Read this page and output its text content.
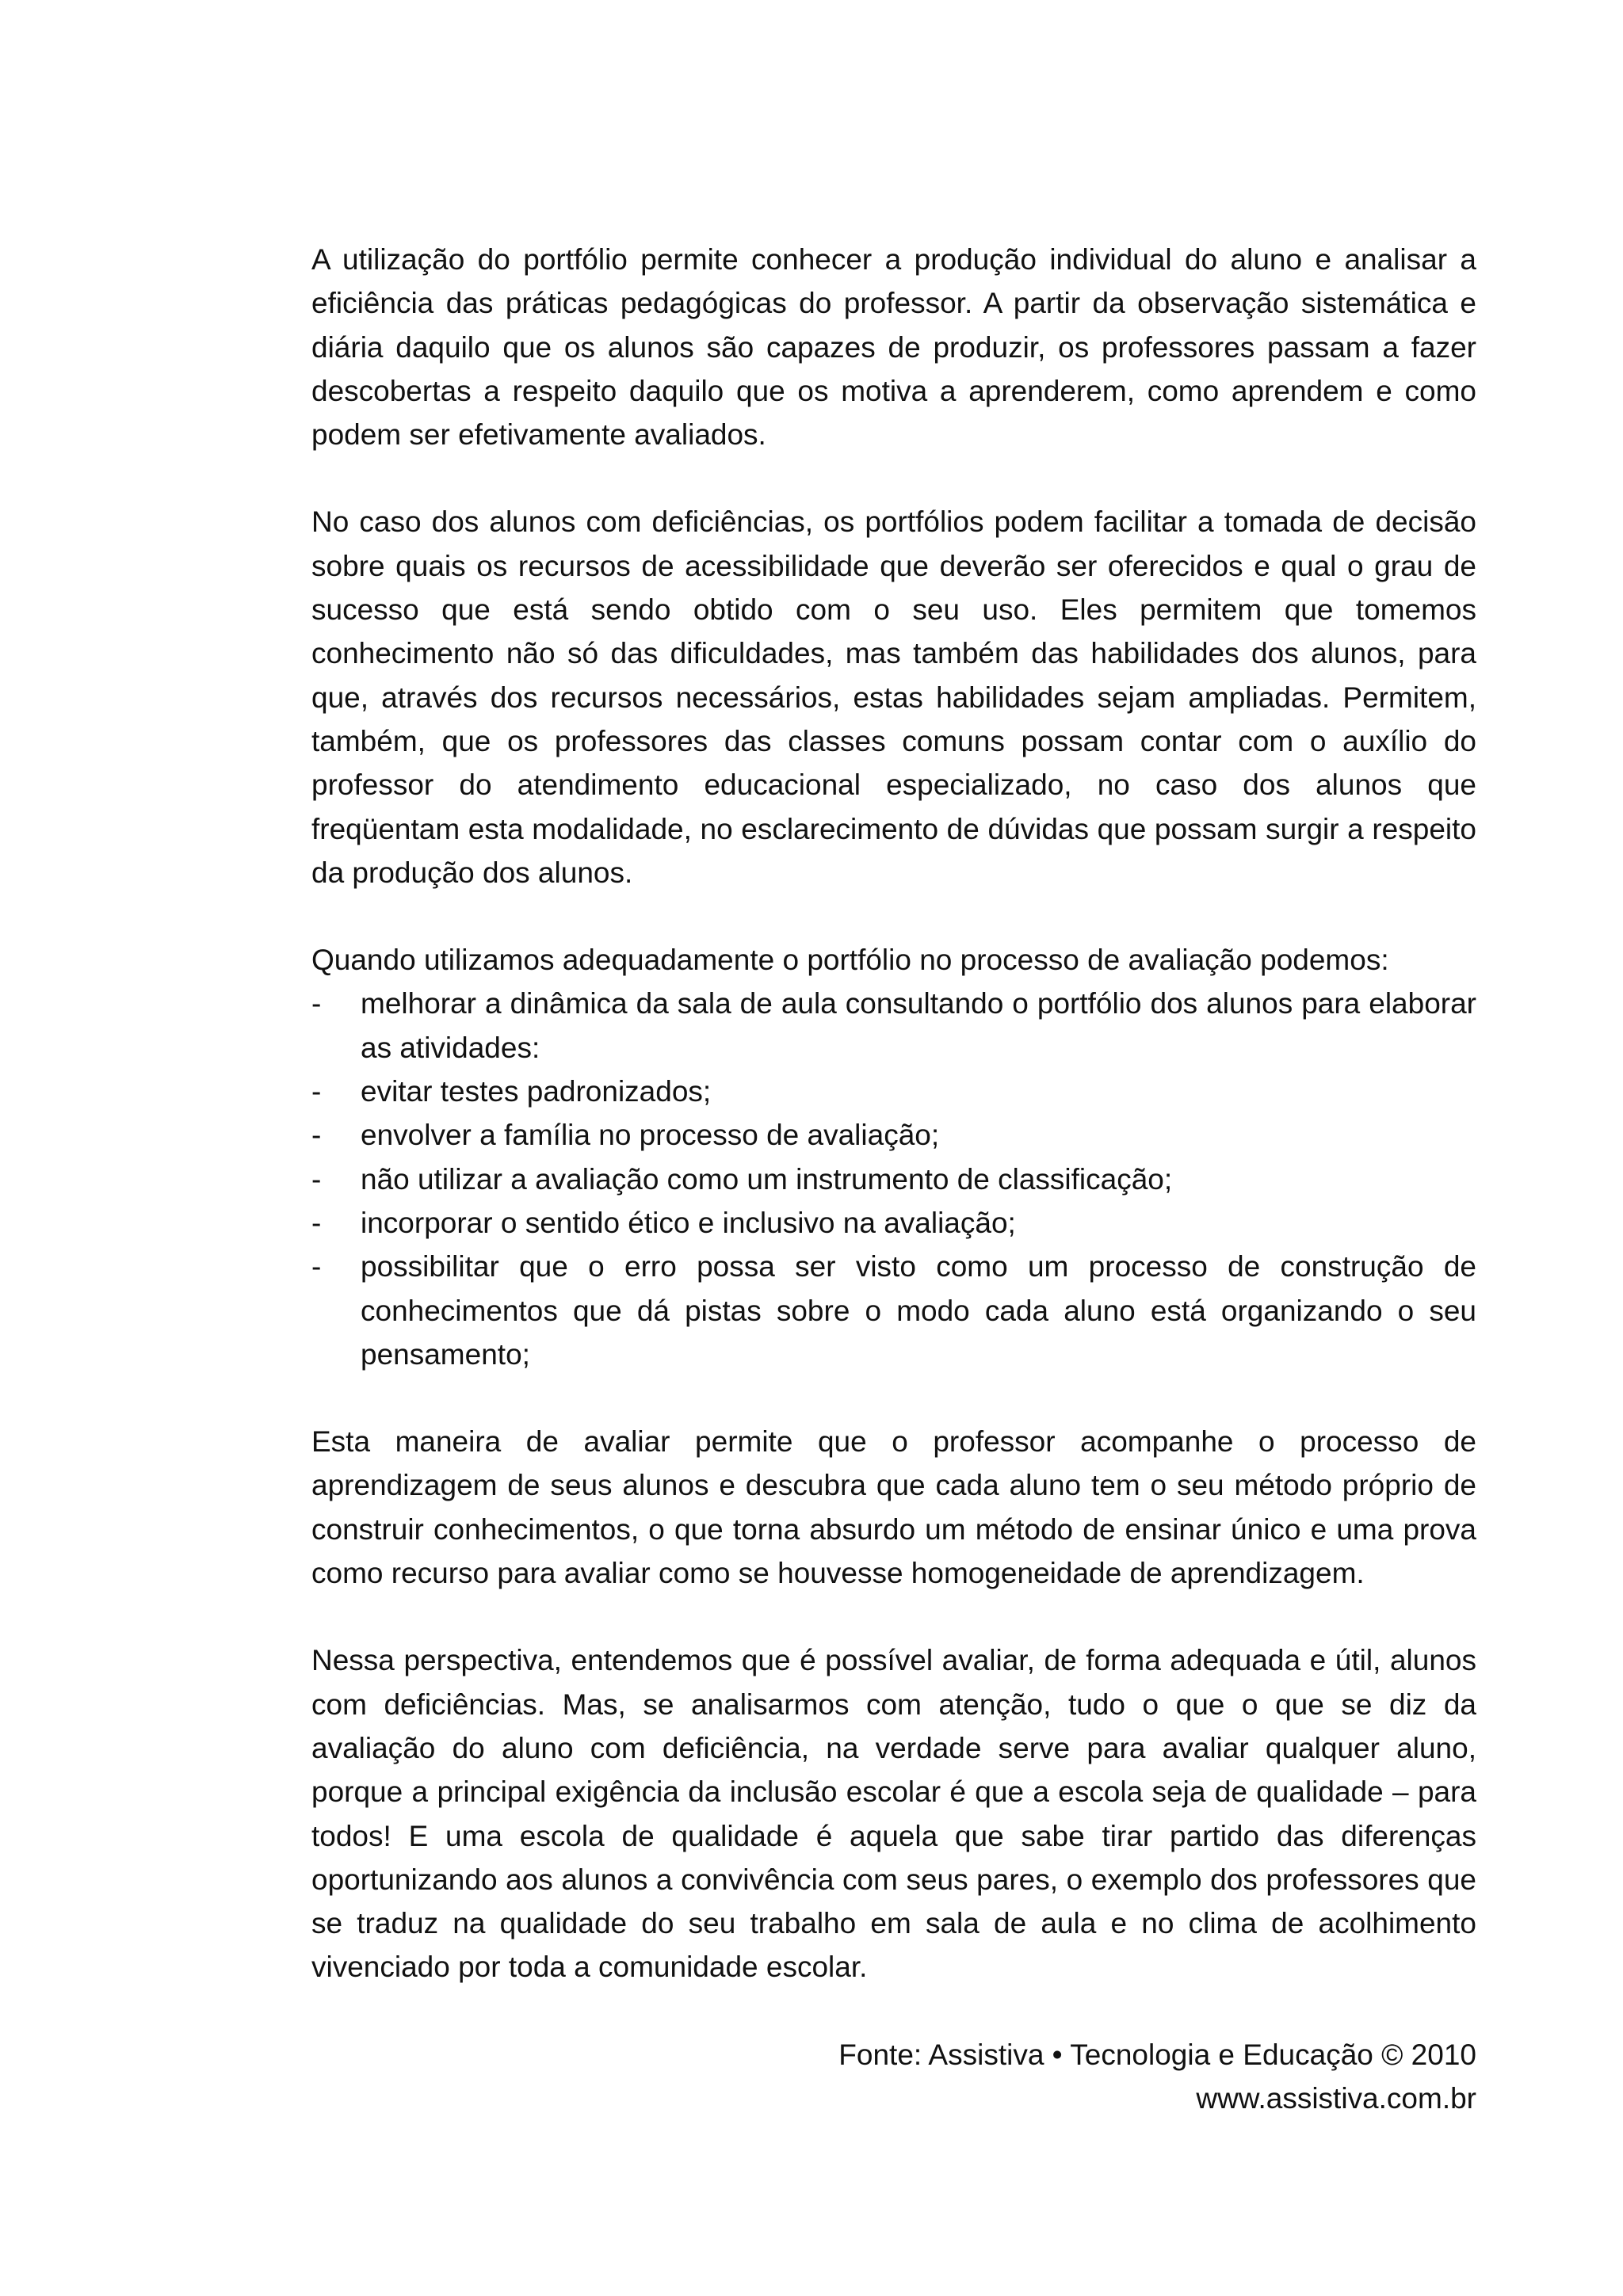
A utilização do portfólio permite conhecer a produção individual do aluno e analisar a eficiência das práticas pedagógicas do professor. A partir da observação sistemática e diária daquilo que os alunos são capazes de produzir, os professores passam a fazer descobertas a respeito daquilo que os motiva a aprenderem, como aprendem e como podem ser efetivamente avaliados.

No caso dos alunos com deficiências, os portfólios podem facilitar a tomada de decisão sobre quais os recursos de acessibilidade que deverão ser oferecidos e qual o grau de sucesso que está sendo obtido com o seu uso. Eles permitem que tomemos conhecimento não só das dificuldades, mas também das habilidades dos alunos, para que, através dos recursos necessários, estas habilidades sejam ampliadas. Permitem, também, que os professores das classes comuns possam contar com o auxílio do professor do atendimento educacional especializado, no caso dos alunos que freqüentam esta modalidade, no esclarecimento de dúvidas que possam surgir a respeito da produção dos alunos.

Quando utilizamos adequadamente o portfólio no processo de avaliação podemos:

- melhorar a dinâmica da sala de aula consultando o portfólio dos alunos para elaborar as atividades:
- evitar testes padronizados;
- envolver a família no processo de avaliação;
- não utilizar a avaliação como um instrumento de classificação;
- incorporar o sentido ético e inclusivo na avaliação;
- possibilitar que o erro possa ser visto como um processo de construção de conhecimentos que dá pistas sobre o modo cada aluno está organizando o seu pensamento;

Esta maneira de avaliar permite que o professor acompanhe o processo de aprendizagem de seus alunos e descubra que cada aluno tem o seu método próprio de construir conhecimentos, o que torna absurdo um método de ensinar único e uma prova como recurso para avaliar como se houvesse homogeneidade de aprendizagem.

Nessa perspectiva, entendemos que é possível avaliar, de forma adequada e útil, alunos com deficiências. Mas, se analisarmos com atenção, tudo o que o que se diz da avaliação do aluno com deficiência, na verdade serve para avaliar qualquer aluno, porque a principal exigência da inclusão escolar é que a escola seja de qualidade – para todos! E uma escola de qualidade é aquela que sabe tirar partido das diferenças oportunizando aos alunos a convivência com seus pares, o exemplo dos professores que se traduz na qualidade do seu trabalho em sala de aula e no clima de acolhimento vivenciado por toda a comunidade escolar.

Fonte: Assistiva • Tecnologia e Educação © 2010
www.assistiva.com.br
